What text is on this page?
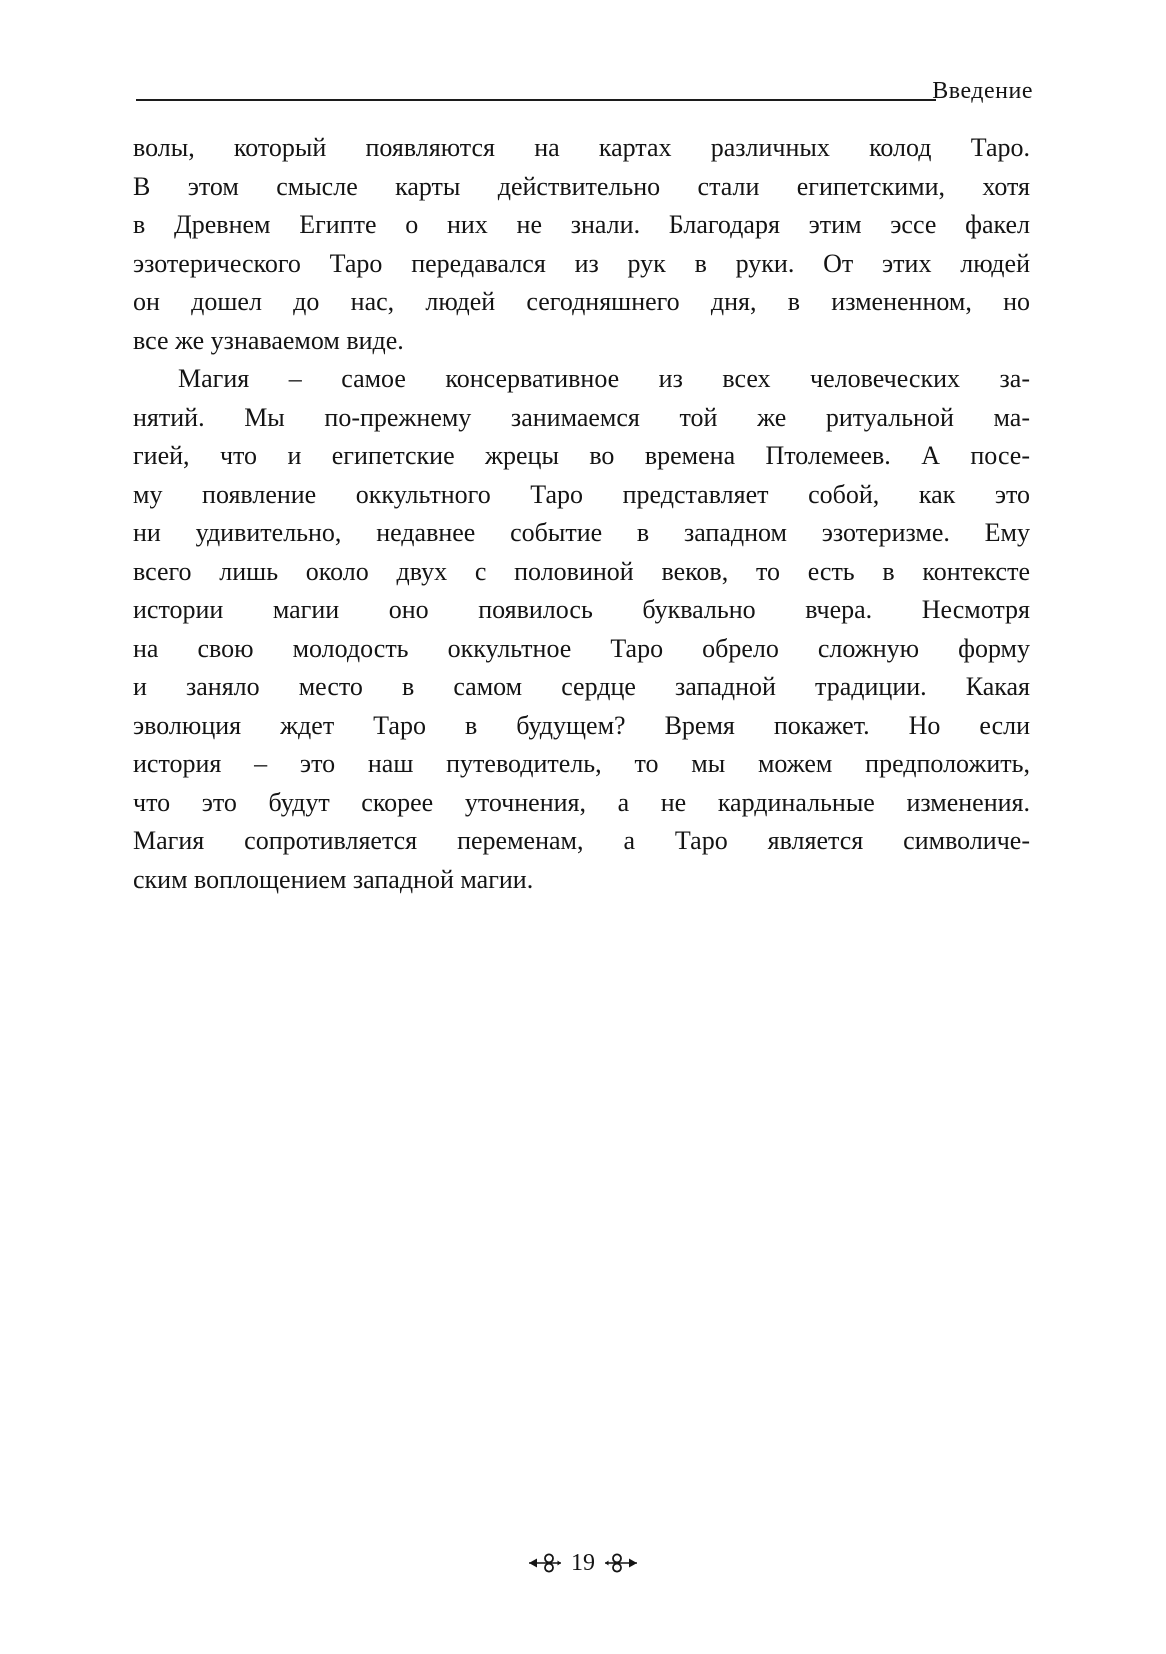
Введение
волы, который появляются на картах различных колод Таро.
В этом смысле карты действительно стали египетскими, хотя
в Древнем Египте о них не знали. Благодаря этим эссе факел
эзотерического Таро передавался из рук в руки. От этих людей
он дошел до нас, людей сегодняшнего дня, в измененном, но
все же узнаваемом виде.
Магия – самое консервативное из всех человеческих за-
нятий. Мы по-прежнему занимаемся той же ритуальной ма-
гией, что и египетские жрецы во времена Птолемеев. А посе-
му появление оккультного Таро представляет собой, как это
ни удивительно, недавнее событие в западном эзотеризме. Ему
всего лишь около двух с половиной веков, то есть в контексте
истории магии оно появилось буквально вчера. Несмотря
на свою молодость оккультное Таро обрело сложную форму
и заняло место в самом сердце западной традиции. Какая
эволюция ждет Таро в будущем? Время покажет. Но если
история – это наш путеводитель, то мы можем предположить,
что это будут скорее уточнения, а не кардинальные изменения.
Магия сопротивляется переменам, а Таро является символиче-
ским воплощением западной магии.
19
